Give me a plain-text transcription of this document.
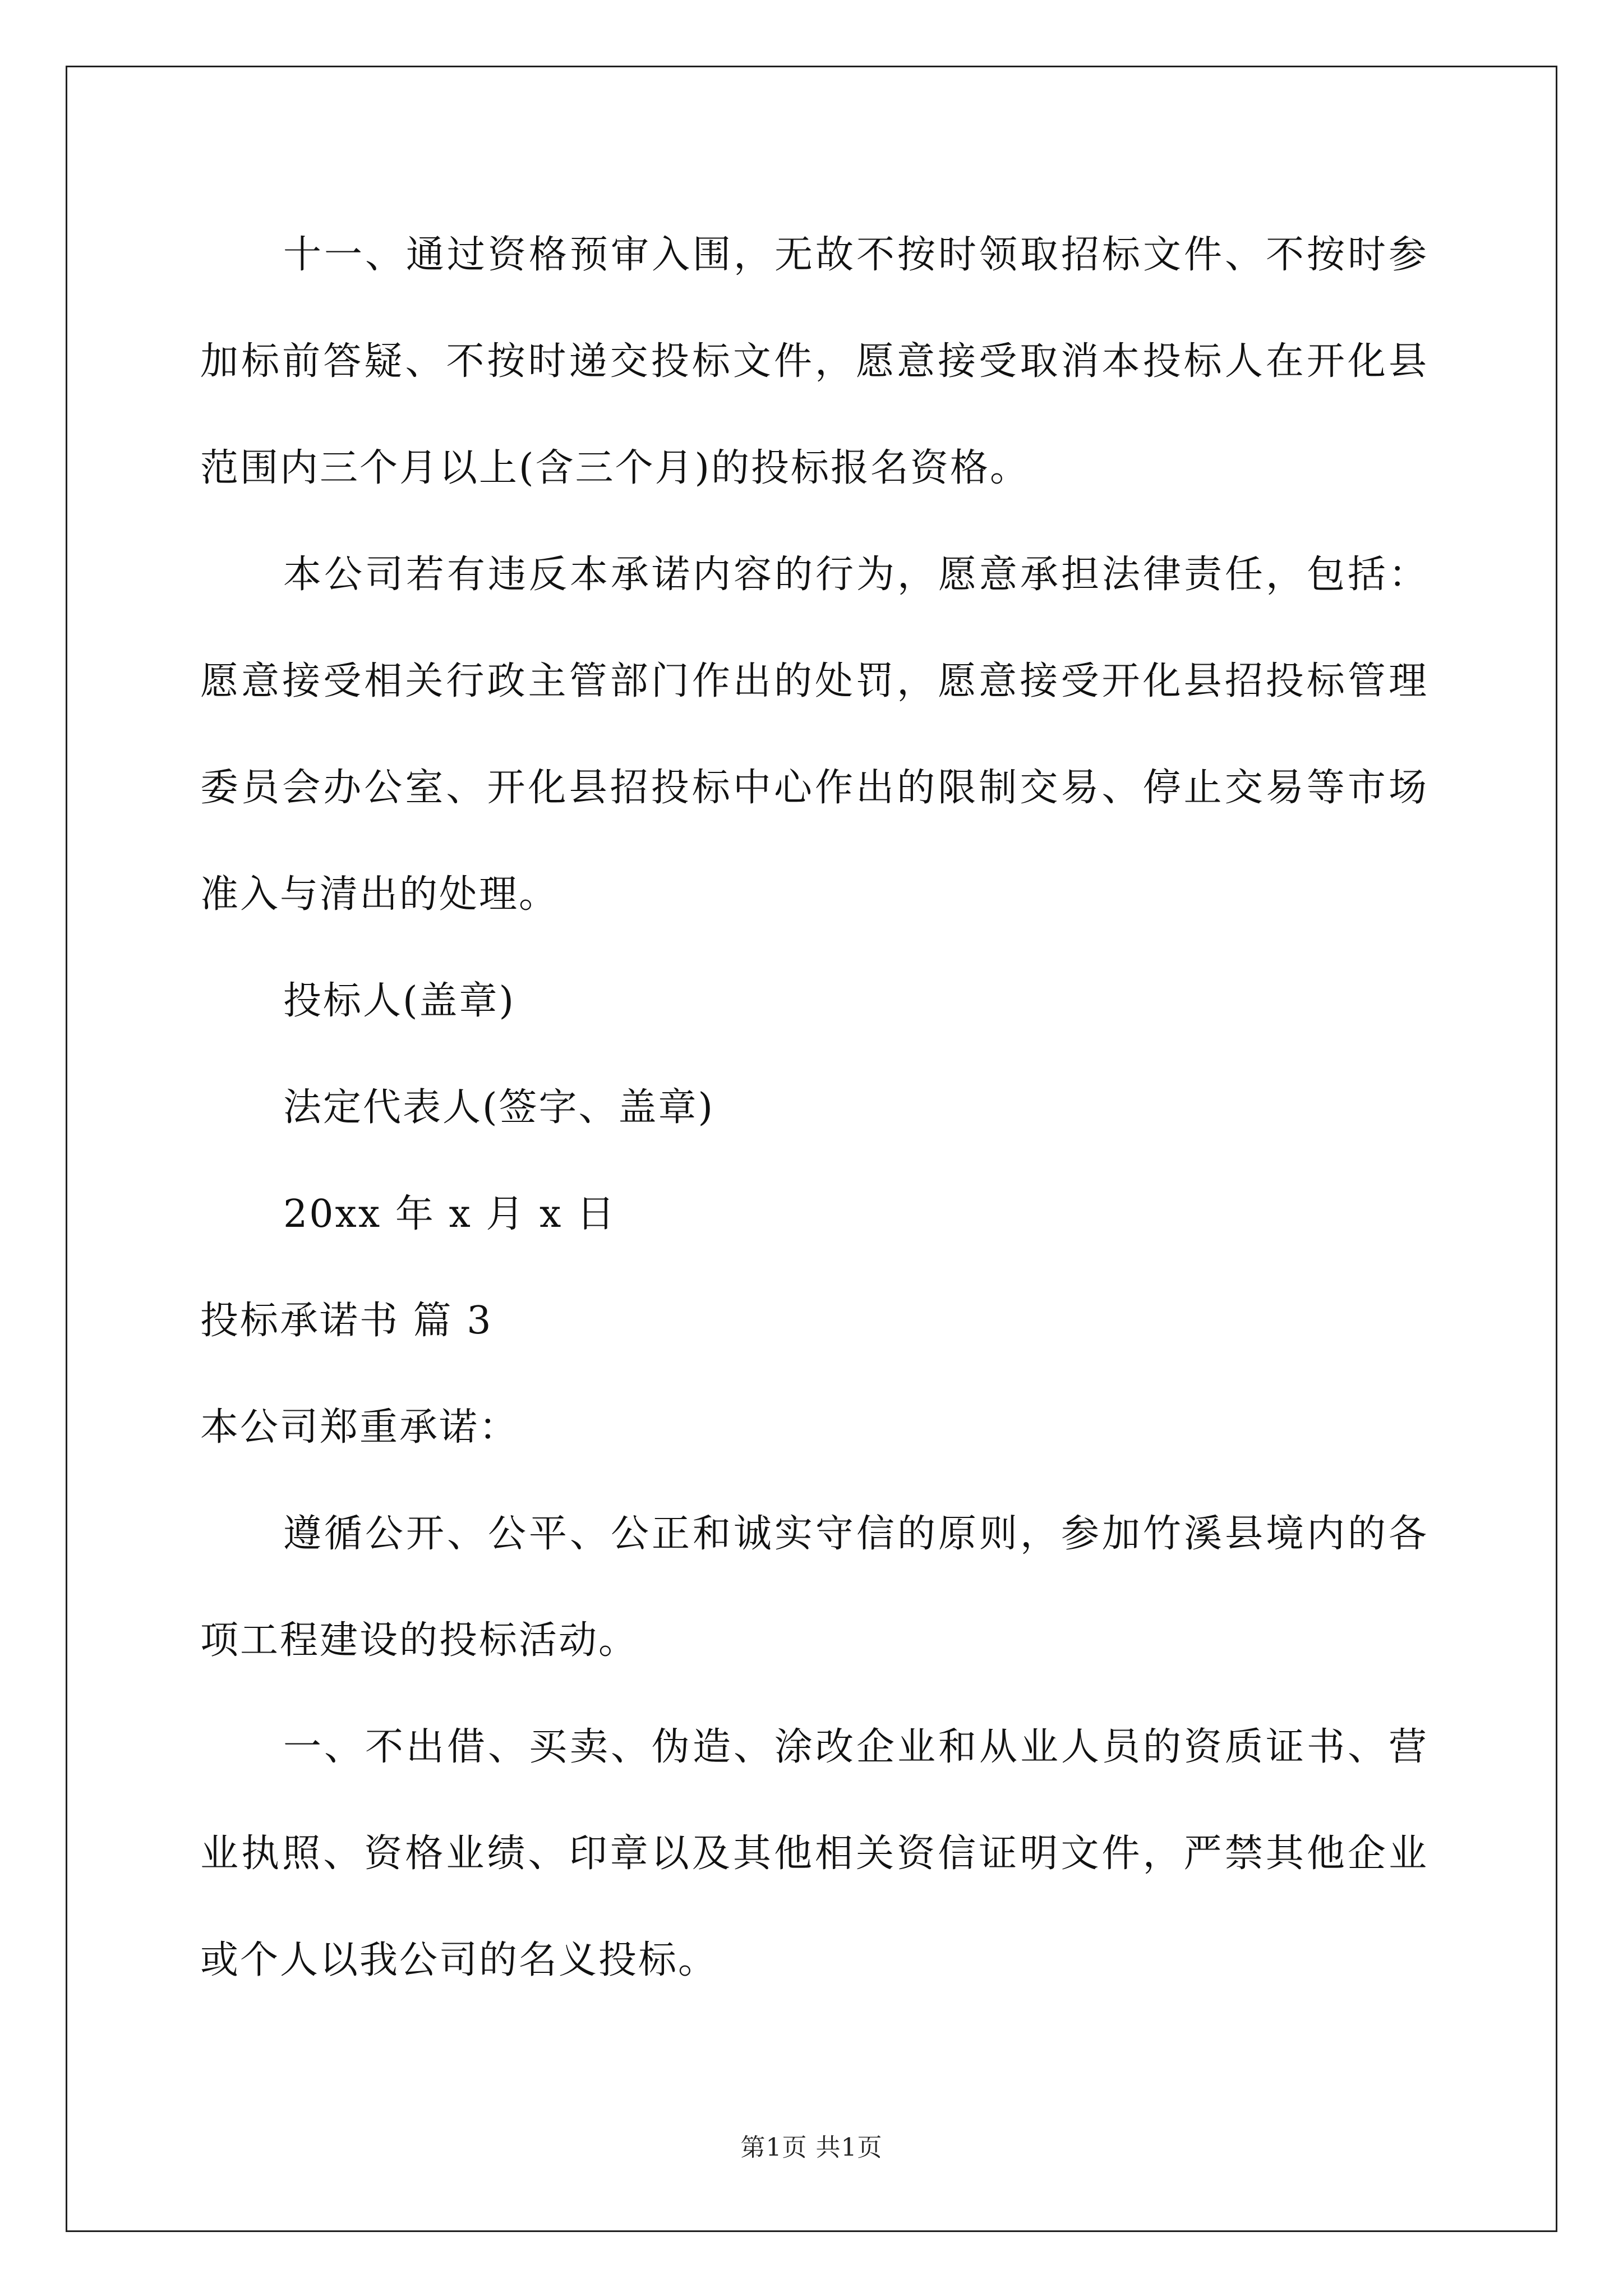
十一、通过资格预审入围，无故不按时领取招标文件、不按时参加标前答疑、不按时递交投标文件，愿意接受取消本投标人在开化县范围内三个月以上(含三个月)的投标报名资格。

本公司若有违反本承诺内容的行为，愿意承担法律责任，包括：愿意接受相关行政主管部门作出的处罚，愿意接受开化县招投标管理委员会办公室、开化县招投标中心作出的限制交易、停止交易等市场准入与清出的处理。

投标人(盖章)

法定代表人(签字、盖章)

20xx 年 x 月 x 日

投标承诺书 篇 3

本公司郑重承诺：

遵循公开、公平、公正和诚实守信的原则，参加竹溪县境内的各项工程建设的投标活动。

一、不出借、买卖、伪造、涂改企业和从业人员的资质证书、营业执照、资格业绩、印章以及其他相关资信证明文件，严禁其他企业或个人以我公司的名义投标。

第1页 共1页
